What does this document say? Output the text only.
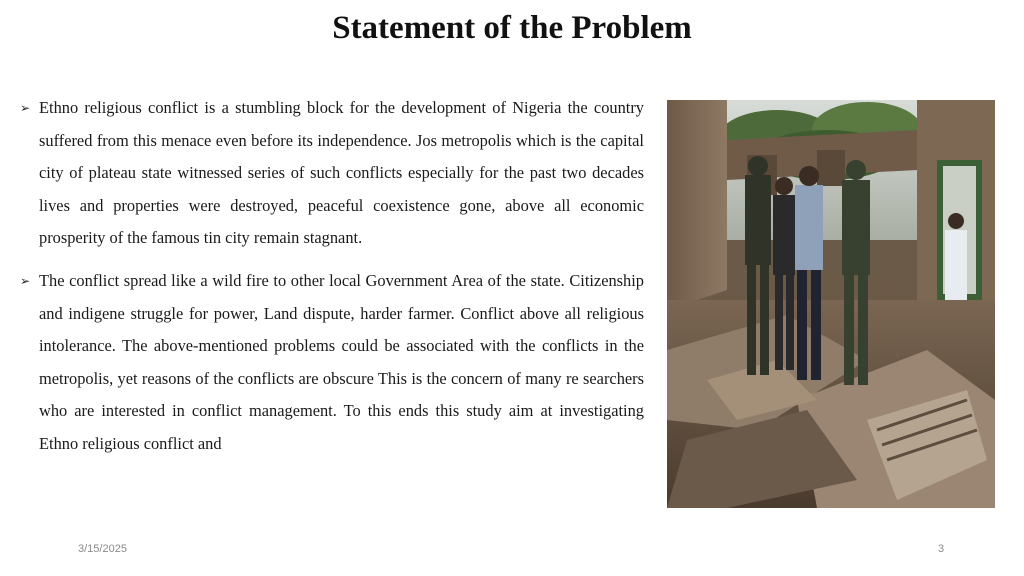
Statement of the Problem
➢ Ethno religious conflict is a stumbling block for the development of Nigeria the country suffered from this menace even before its independence. Jos metropolis which is the capital city of plateau state witnessed series of such conflicts especially for the past two decades lives and properties were destroyed, peaceful coexistence gone, above all economic prosperity of the famous tin city remain stagnant.

➢ The conflict spread like a wild fire to other local Government Area of the state. Citizenship and indigene struggle for power, Land dispute, harder farmer. Conflict above all religious intolerance. The above-mentioned problems could be associated with the conflicts in the metropolis, yet reasons of the conflicts are obscure This is the concern of many re searchers who are interested in conflict management. To this ends this study aim at investigating Ethno religious conflict and

3/15/2025	3
